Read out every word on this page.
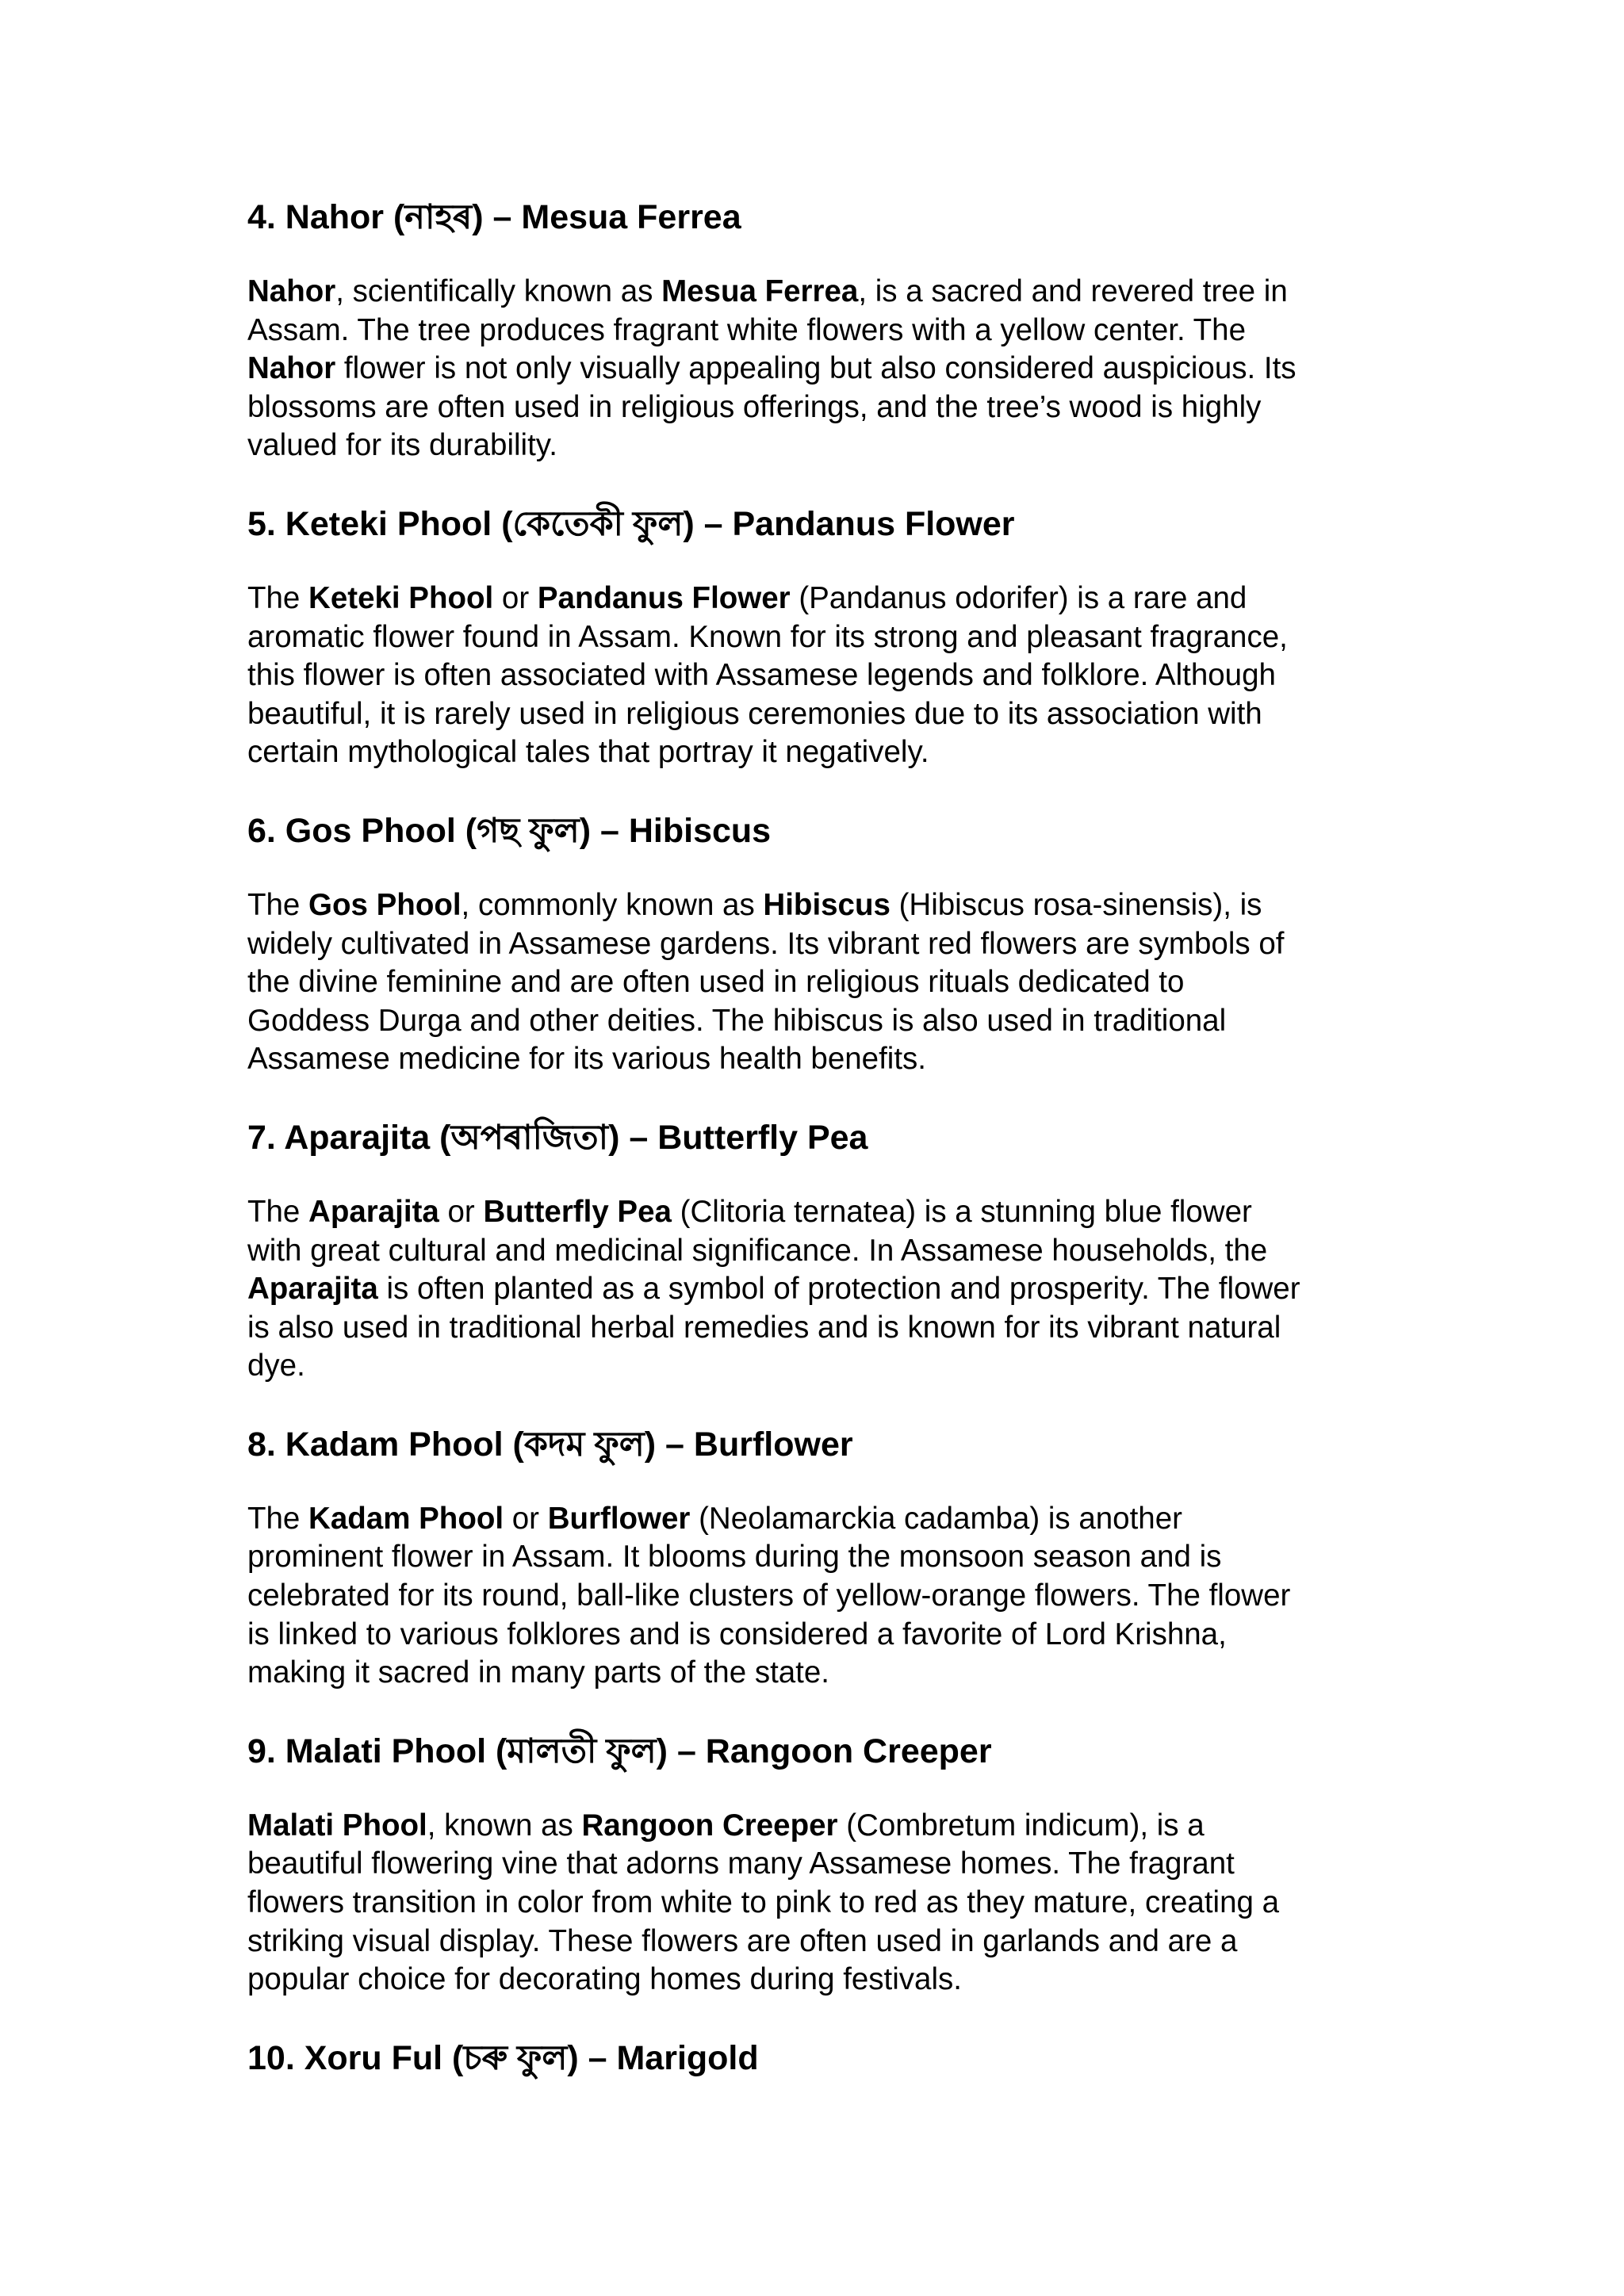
4. Nahor (নাহৰ) – Mesua Ferrea

Nahor, scientifically known as Mesua Ferrea, is a sacred and revered tree in
Assam. The tree produces fragrant white flowers with a yellow center. The
Nahor flower is not only visually appealing but also considered auspicious. Its
blossoms are often used in religious offerings, and the tree’s wood is highly
valued for its durability.

5. Keteki Phool (কেতেকী ফুল) – Pandanus Flower

The Keteki Phool or Pandanus Flower (Pandanus odorifer) is a rare and
aromatic flower found in Assam. Known for its strong and pleasant fragrance,
this flower is often associated with Assamese legends and folklore. Although
beautiful, it is rarely used in religious ceremonies due to its association with
certain mythological tales that portray it negatively.

6. Gos Phool (গছ ফুল) – Hibiscus

The Gos Phool, commonly known as Hibiscus (Hibiscus rosa-sinensis), is
widely cultivated in Assamese gardens. Its vibrant red flowers are symbols of
the divine feminine and are often used in religious rituals dedicated to
Goddess Durga and other deities. The hibiscus is also used in traditional
Assamese medicine for its various health benefits.

7. Aparajita (অপৰাজিতা) – Butterfly Pea

The Aparajita or Butterfly Pea (Clitoria ternatea) is a stunning blue flower
with great cultural and medicinal significance. In Assamese households, the
Aparajita is often planted as a symbol of protection and prosperity. The flower
is also used in traditional herbal remedies and is known for its vibrant natural
dye.

8. Kadam Phool (কদম ফুল) – Burflower

The Kadam Phool or Burflower (Neolamarckia cadamba) is another
prominent flower in Assam. It blooms during the monsoon season and is
celebrated for its round, ball-like clusters of yellow-orange flowers. The flower
is linked to various folklores and is considered a favorite of Lord Krishna,
making it sacred in many parts of the state.

9. Malati Phool (মালতী ফুল) – Rangoon Creeper

Malati Phool, known as Rangoon Creeper (Combretum indicum), is a
beautiful flowering vine that adorns many Assamese homes. The fragrant
flowers transition in color from white to pink to red as they mature, creating a
striking visual display. These flowers are often used in garlands and are a
popular choice for decorating homes during festivals.

10. Xoru Ful (চৰু ফুল) – Marigold
